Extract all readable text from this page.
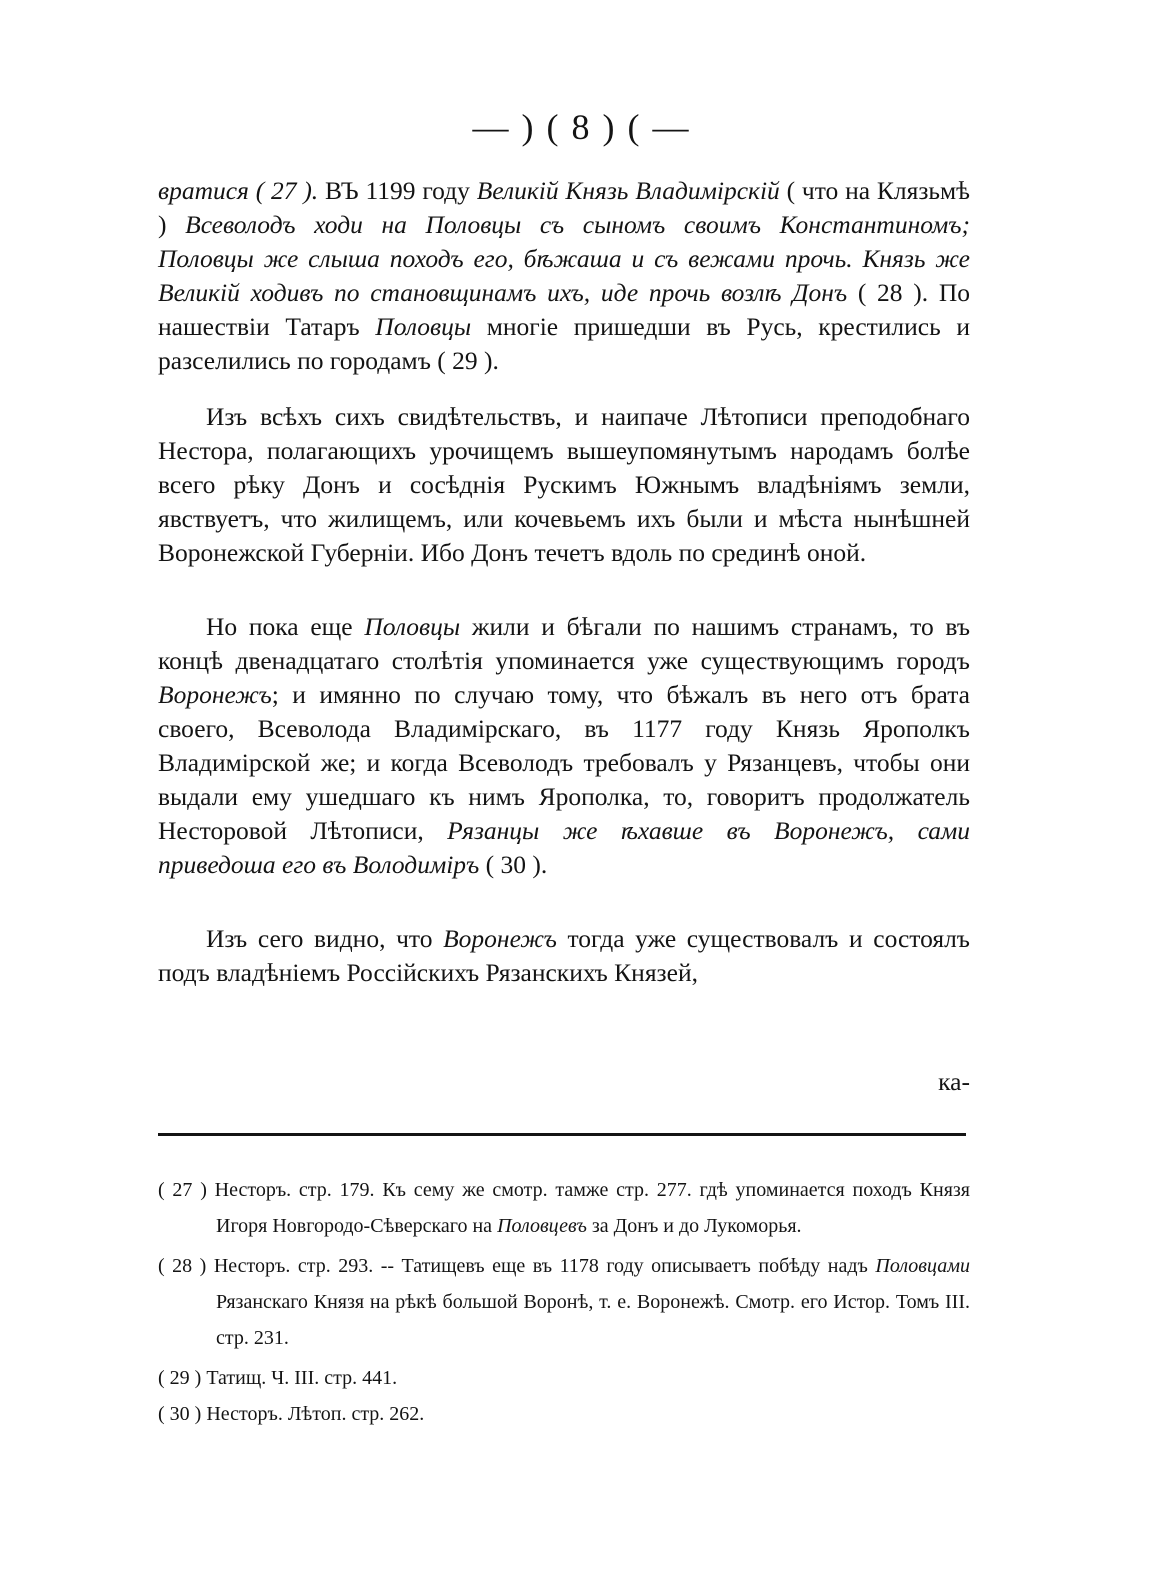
— ) ( 8 ) ( —

вратися ( 27 ). ВЪ 1199 году Великiй Князь Владимiрскiй ( что на Клязьмѣ ) Всеволодъ ходи на Половцы съ сыномъ своимъ Константиномъ; Половцы же слыша походъ его, бѣжаша и съ вежами прочь. Князь же Великiй ходивъ по становщинамъ ихъ, иде прочь возлѣ Донъ ( 28 ). По нашествiи Татаръ Половцы многiе пришедши въ Русь, крестились и разселились по городамъ ( 29 ).

Изъ всѣхъ сихъ свидѣтельствъ, и наипаче Лѣтописи преподобнаго Нестора, полагающихъ урочищемъ вышеупомянутымъ народамъ болѣе всего рѣку Донъ и сосѣднiя Рускимъ Южнымъ владѣнiямъ земли, явствуетъ, что жилищемъ, или кочевьемъ ихъ были и мѣста нынѣшней Воронежской Губернiи. Ибо Донъ течетъ вдоль по срединѣ оной.

Но пока еще Половцы жили и бѣгали по нашимъ странамъ, то въ концѣ двенадцатаго столѣтiя упоминается уже существующимъ городъ Воронежъ; и имянно по случаю тому, что бѣжалъ въ него отъ брата своего, Всеволода Владимiрскаго, въ 1177 году Князь Ярополкъ Владимiрской же; и когда Всеволодъ требовалъ у Рязанцевъ, чтобы они выдали ему ушедшаго къ нимъ Ярополка, то, говоритъ продолжатель Несторовой Лѣтописи, Рязанцы же ѣхавше въ Воронежъ, сами приведоша его въ Володимiръ ( 30 ).

Изъ сего видно, что Воронежъ тогда уже существовалъ и состоялъ подъ владѣнiемъ Россiйскихъ Рязанскихъ Князей,

ка-
( 27 ) Несторъ. стр. 179. Къ сему же смотр. тамже стр. 277. гдѣ упоминается походъ Князя Игоря Новгородо-Сѣверскаго на Половцевъ за Донъ и до Лукоморья.
( 28 ) Несторъ. стр. 293. -- Татищевъ еще въ 1178 году описываетъ побѣду надъ Половцами Рязанскаго Князя на рѣкѣ большой Воронѣ, т. е. Воронежѣ. Смотр. его Истор. Томъ III. стр. 231.
( 29 ) Татищ. Ч. III. стр. 441.
( 30 ) Несторъ. Лѣтоп. стр. 262.
